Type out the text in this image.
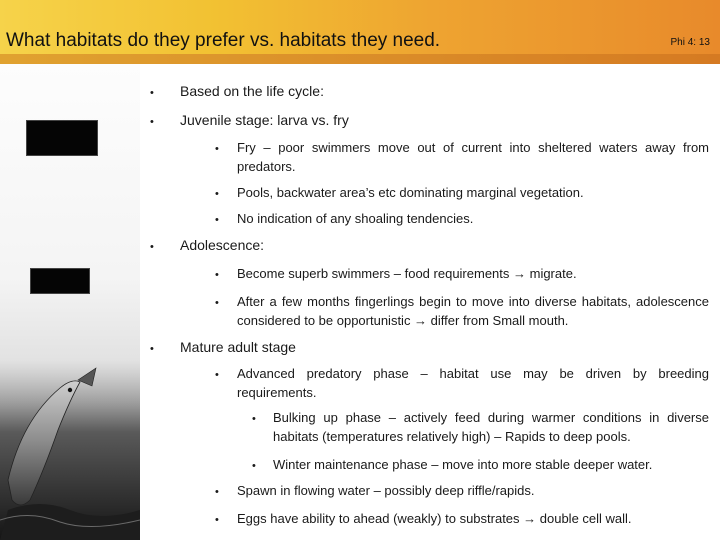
What habitats do they prefer vs. habitats they need.	Phi 4: 13
• Based on the life cycle:
• Juvenile stage: larva vs. fry
• Fry – poor swimmers move out of current into sheltered waters away from predators.
• Pools, backwater area’s etc dominating marginal vegetation.
• No indication of any shoaling tendencies.
• Adolescence:
• Become superb swimmers – food requirements → migrate.
• After a few months fingerlings begin to move into diverse habitats, adolescence considered to be opportunistic → differ from Small mouth.
• Mature adult stage
• Advanced predatory phase – habitat use may be driven by breeding requirements.
• Bulking up phase – actively feed during warmer conditions in diverse habitats (temperatures relatively high) – Rapids to deep pools.
• Winter maintenance phase – move into more stable deeper water.
• Spawn in flowing water – possibly deep riffle/rapids.
• Eggs have ability to ahead (weakly) to substrates → double cell wall.
